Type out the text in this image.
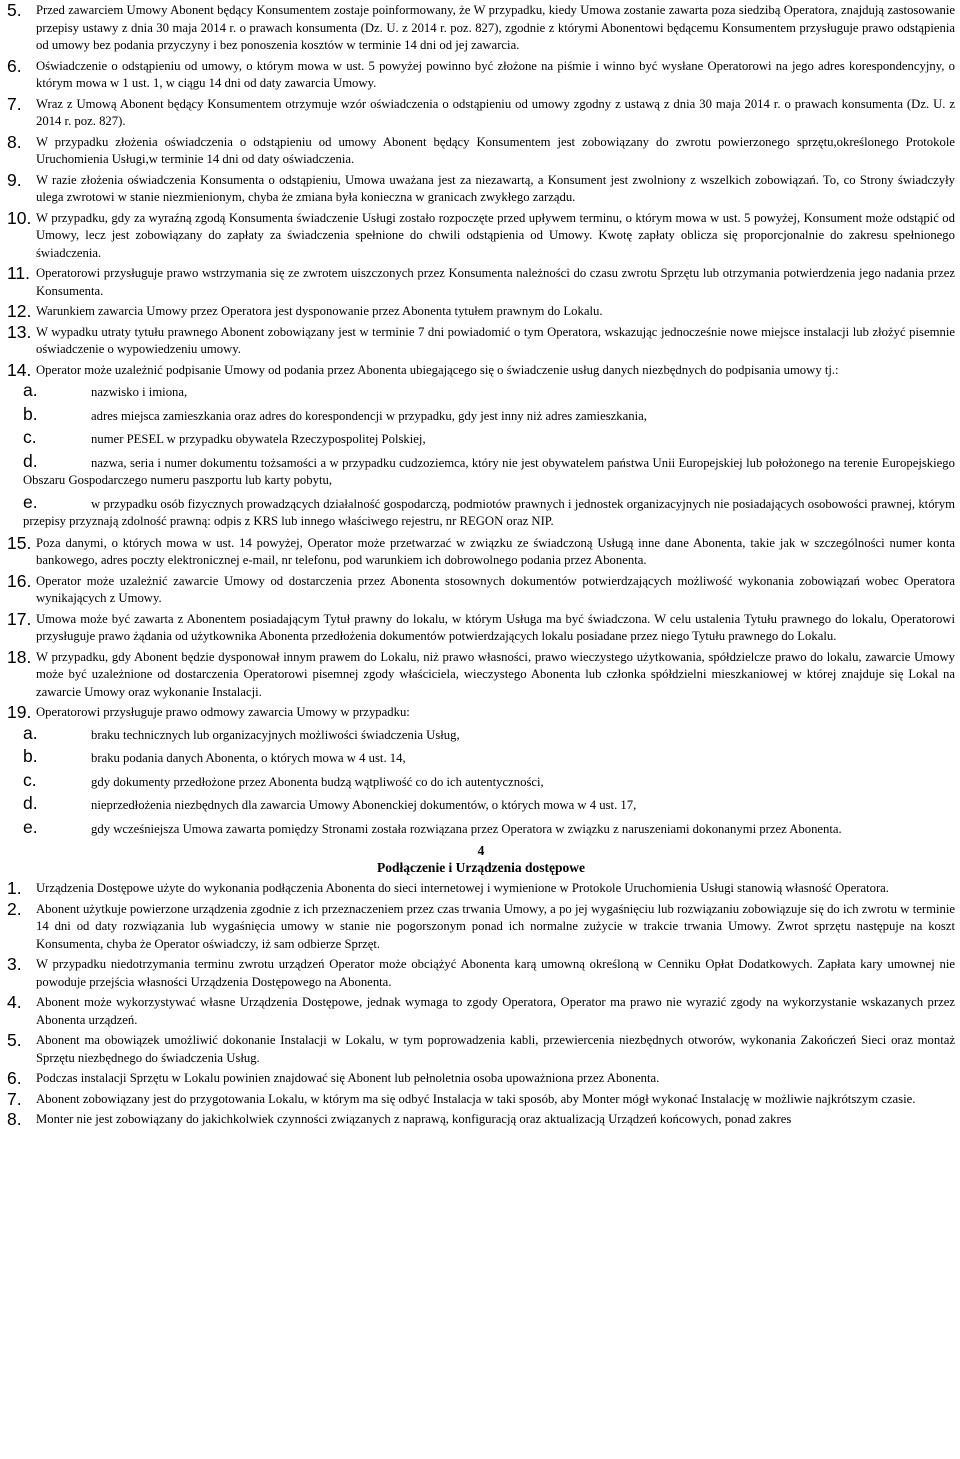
5. Przed zawarciem Umowy Abonent będący Konsumentem zostaje poinformowany, że W przypadku, kiedy Umowa zostanie zawarta poza siedzibą Operatora, znajdują zastosowanie przepisy ustawy z dnia 30 maja 2014 r. o prawach konsumenta (Dz. U. z 2014 r. poz. 827), zgodnie z którymi Abonentowi będącemu Konsumentem przysługuje prawo odstąpienia od umowy bez podania przyczyny i bez ponoszenia kosztów w terminie 14 dni od jej zawarcia.
6. Oświadczenie o odstąpieniu od umowy, o którym mowa w ust. 5 powyżej powinno być złożone na piśmie i winno być wysłane Operatorowi na jego adres korespondencyjny, o którym mowa w 1 ust. 1, w ciągu 14 dni od daty zawarcia Umowy.
7. Wraz z Umową Abonent będący Konsumentem otrzymuje wzór oświadczenia o odstąpieniu od umowy zgodny z ustawą z dnia 30 maja 2014 r. o prawach konsumenta (Dz. U. z 2014 r. poz. 827).
8. W przypadku złożenia oświadczenia o odstąpieniu od umowy Abonent będący Konsumentem jest zobowiązany do zwrotu powierzonego sprzętu,określonego Protokole Uruchomienia Usługi,w terminie 14 dni od daty oświadczenia.
9. W razie złożenia oświadczenia Konsumenta o odstąpieniu, Umowa uważana jest za niezawartą, a Konsument jest zwolniony z wszelkich zobowiązań. To, co Strony świadczyły ulega zwrotowi w stanie niezmienionym, chyba że zmiana była konieczna w granicach zwykłego zarządu.
10. W przypadku, gdy za wyraźną zgodą Konsumenta świadczenie Usługi zostało rozpoczęte przed upływem terminu, o którym mowa w ust. 5 powyżej, Konsument może odstąpić od Umowy, lecz jest zobowiązany do zapłaty za świadczenia spełnione do chwili odstąpienia od Umowy. Kwotę zapłaty oblicza się proporcjonalnie do zakresu spełnionego świadczenia.
11. Operatorowi przysługuje prawo wstrzymania się ze zwrotem uiszczonych przez Konsumenta należności do czasu zwrotu Sprzętu lub otrzymania potwierdzenia jego nadania przez Konsumenta.
12. Warunkiem zawarcia Umowy przez Operatora jest dysponowanie przez Abonenta tytułem prawnym do Lokalu.
13. W wypadku utraty tytułu prawnego Abonent zobowiązany jest w terminie 7 dni powiadomić o tym Operatora, wskazując jednocześnie nowe miejsce instalacji lub złożyć pisemnie oświadczenie o wypowiedzeniu umowy.
14. Operator może uzależnić podpisanie Umowy od podania przez Abonenta ubiegającego się o świadczenie usług danych niezbędnych do podpisania umowy tj.:
a.	nazwisko i imiona,
b.	adres miejsca zamieszkania oraz adres do korespondencji w przypadku, gdy jest inny niż adres zamieszkania,
c.	numer PESEL w przypadku obywatela Rzeczypospolitej Polskiej,
d.	nazwa, seria i numer dokumentu tożsamości a w przypadku cudzoziemca, który nie jest obywatelem państwa Unii Europejskiej lub położonego na terenie Europejskiego Obszaru Gospodarczego numeru paszportu lub karty pobytu,
e.	w przypadku osób fizycznych prowadzących działalność gospodarczą, podmiotów prawnych i jednostek organizacyjnych nie posiadających osobowości prawnej, którym przepisy przyznają zdolność prawną: odpis z KRS lub innego właściwego rejestru, nr REGON oraz NIP.
15. Poza danymi, o których mowa w ust. 14 powyżej, Operator może przetwarzać w związku ze świadczoną Usługą inne dane Abonenta, takie jak w szczególności numer konta bankowego, adres poczty elektronicznej e-mail, nr telefonu, pod warunkiem ich dobrowolnego podania przez Abonenta.
16. Operator może uzależnić zawarcie Umowy od dostarczenia przez Abonenta stosownych dokumentów potwierdzających możliwość wykonania zobowiązań wobec Operatora wynikających z Umowy.
17. Umowa może być zawarta z Abonentem posiadającym Tytuł prawny do lokalu, w którym Usługa ma być świadczona. W celu ustalenia Tytułu prawnego do lokalu, Operatorowi przysługuje prawo żądania od użytkownika Abonenta przedłożenia dokumentów potwierdzających lokalu posiadane przez niego Tytułu prawnego do Lokalu.
18. W przypadku, gdy Abonent będzie dysponował innym prawem do Lokalu, niż prawo własności, prawo wieczystego użytkowania, spółdzielcze prawo do lokalu, zawarcie Umowy może być uzależnione od dostarczenia Operatorowi pisemnej zgody właściciela, wieczystego Abonenta lub członka spółdzielni mieszkaniowej w której znajduje się Lokal na zawarcie Umowy oraz wykonanie Instalacji.
19. Operatorowi przysługuje prawo odmowy zawarcia Umowy w przypadku:
a.	braku technicznych lub organizacyjnych możliwości świadczenia Usług,
b.	braku podania danych Abonenta, o których mowa w 4 ust. 14,
c.	gdy dokumenty przedłożone przez Abonenta budzą wątpliwość co do ich autentyczności,
d.	nieprzedłożenia niezbędnych dla zawarcia Umowy Abonenckiej dokumentów, o których mowa w 4 ust. 17,
e.	gdy wcześniejsza Umowa zawarta pomiędzy Stronami została rozwiązana przez Operatora w związku z naruszeniami dokonanymi przez Abonenta.
4
Podłączenie i Urządzenia dostępowe
1. Urządzenia Dostępowe użyte do wykonania podłączenia Abonenta do sieci internetowej i wymienione w Protokole Uruchomienia Usługi stanowią własność Operatora.
2. Abonent użytkuje powierzone urządzenia zgodnie z ich przeznaczeniem przez czas trwania Umowy, a po jej wygaśnięciu lub rozwiązaniu zobowiązuje się do ich zwrotu w terminie 14 dni od daty rozwiązania lub wygaśnięcia umowy w stanie nie pogorszonym ponad ich normalne zużycie w trakcie trwania Umowy. Zwrot sprzętu następuje na koszt Konsumenta, chyba że Operator oświadczy, iż sam odbierze Sprzęt.
3. W przypadku niedotrzymania terminu zwrotu urządzeń Operator może obciążyć Abonenta karą umowną określoną w Cenniku Opłat Dodatkowych. Zapłata kary umownej nie powoduje przejścia własności Urządzenia Dostępowego na Abonenta.
4. Abonent może wykorzystywać własne Urządzenia Dostępowe, jednak wymaga to zgody Operatora, Operator ma prawo nie wyrazić zgody na wykorzystanie wskazanych przez Abonenta urządzeń.
5. Abonent ma obowiązek umożliwić dokonanie Instalacji w Lokalu, w tym poprowadzenia kabli, przewiercenia niezbędnych otworów, wykonania Zakończeń Sieci oraz montaż Sprzętu niezbędnego do świadczenia Usług.
6. Podczas instalacji Sprzętu w Lokalu powinien znajdować się Abonent lub pełnoletnia osoba upoważniona przez Abonenta.
7. Abonent zobowiązany jest do przygotowania Lokalu, w którym ma się odbyć Instalacja w taki sposób, aby Monter mógł wykonać Instalację w możliwie najkrótszym czasie.
8. Monter nie jest zobowiązany do jakichkolwiek czynności związanych z naprawą, konfiguracją oraz aktualizacją Urządzeń końcowych, ponad zakres
